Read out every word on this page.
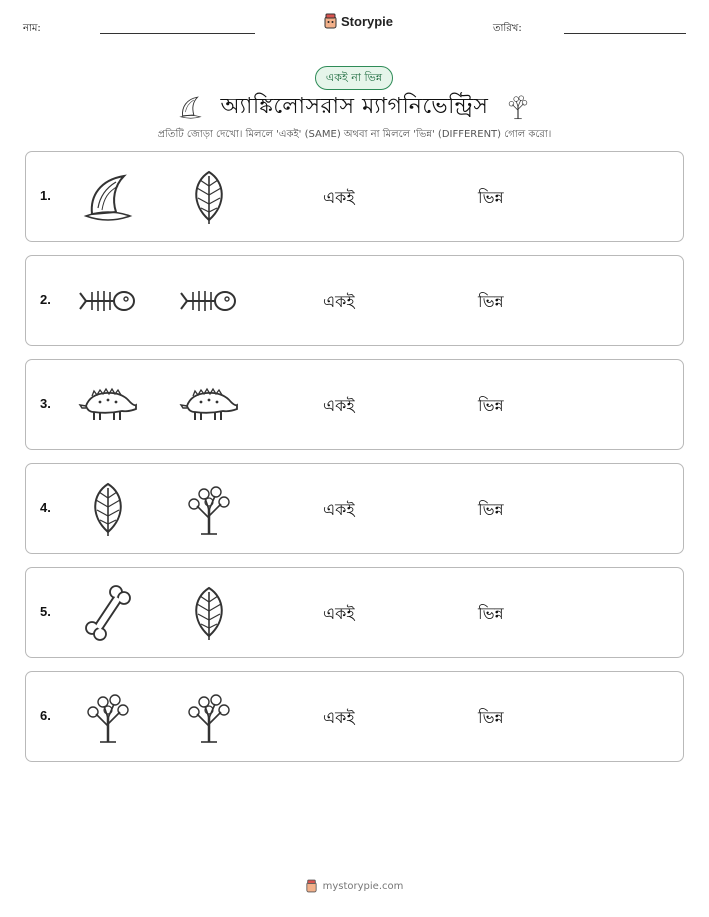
নাম:	Storypie	তারিখ:
একই না ভিন্ন
অ্যাঙ্কিলোসরাস ম্যাগনিভেন্ট্রিস
প্রতিটি জোড়া দেখো। মিললে 'একই' (SAME) অথবা না মিললে 'ভিন্ন' (DIFFERENT) গোল করো।
1.	একই	ভিন্ন
2.	একই	ভিন্ন
3.	একই	ভিন্ন
4.	একই	ভিন্ন
5.	একই	ভিন্ন
6.	একই	ভিন্ন
mystorypie.com
